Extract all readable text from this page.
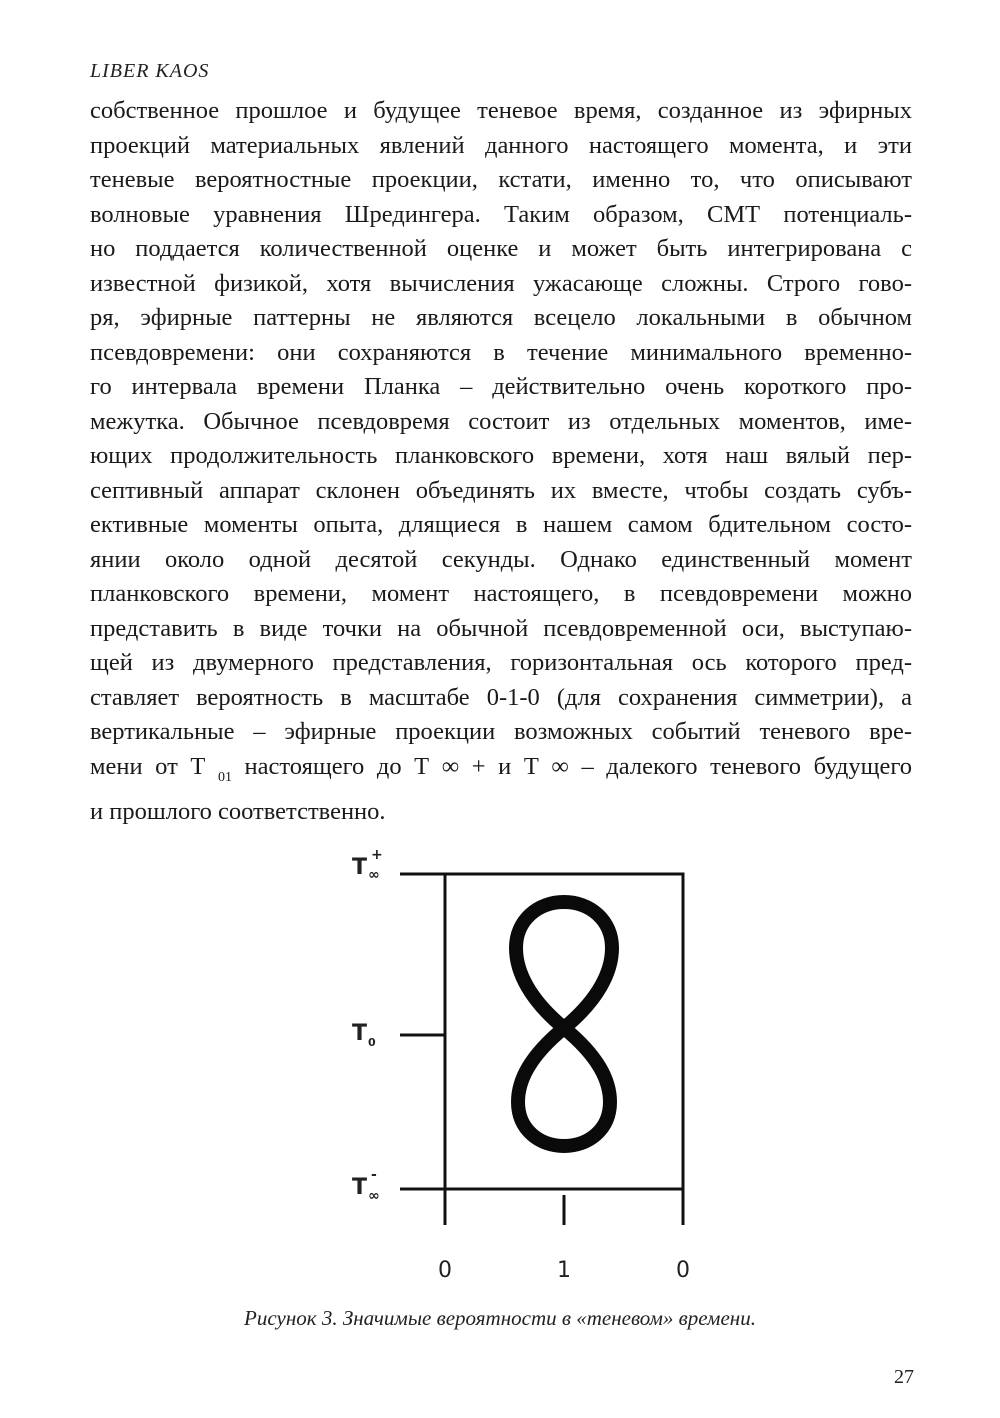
LIBER KAOS
собственное прошлое и будущее теневое время, созданное из эфирных
проекций материальных явлений данного настоящего момента, и эти
теневые вероятностные проекции, кстати, именно то, что описывают
волновые уравнения Шредингера. Таким образом, СМТ потенциаль-
но поддается количественной оценке и может быть интегрирована с
известной физикой, хотя вычисления ужасающе сложны. Строго гово-
ря, эфирные паттерны не являются всецело локальными в обычном
псевдовремени: они сохраняются в течение минимального временно-
го интервала времени Планка – действительно очень короткого про-
межутка. Обычное псевдовремя состоит из отдельных моментов, име-
ющих продолжительность планковского времени, хотя наш вялый пер-
септивный аппарат склонен объединять их вместе, чтобы создать субъ-
ективные моменты опыта, длящиеся в нашем самом бдительном состо-
янии около одной десятой секунды. Однако единственный момент
планковского времени, момент настоящего, в псевдовремени можно
представить в виде точки на обычной псевдовременной оси, выступаю-
щей из двумерного представления, горизонтальная ось которого пред-
ставляет вероятность в масштабе 0-1-0 (для сохранения симметрии), а
вертикальные – эфирные проекции возможных событий теневого вре-
мени от Т $_{01}$ настоящего до Т ∞ + и Т ∞ – далекого теневого будущего
и прошлого соответственно.
T +
∞
T 0
T -
∞
0	1	0
Рисунок 3. Значимые вероятности в «теневом» времени.
27
